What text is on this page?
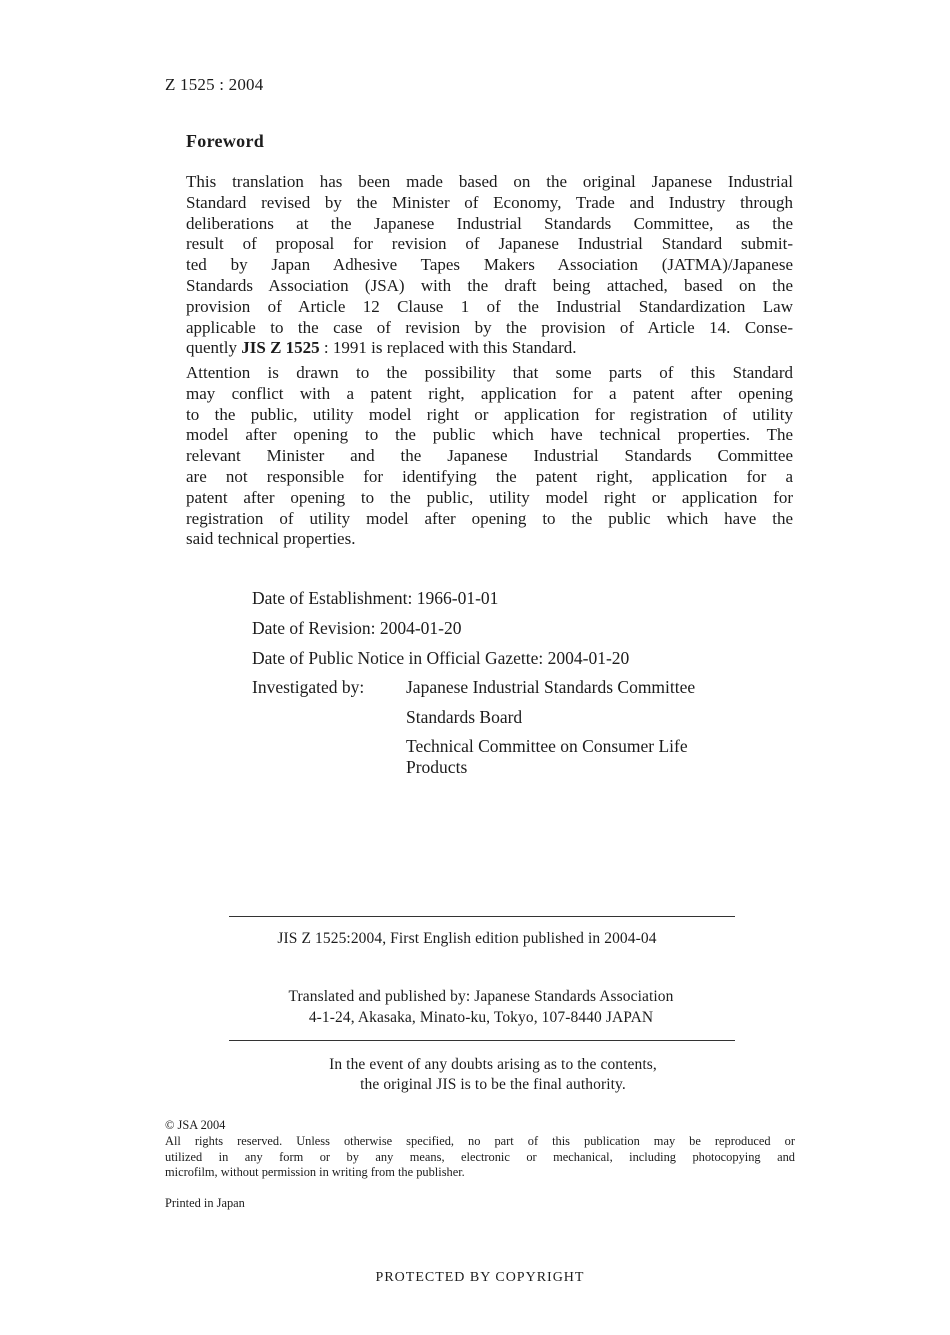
Z 1525 : 2004
Foreword
This translation has been made based on the original Japanese Industrial
Standard revised by the Minister of Economy, Trade and Industry through
deliberations at the Japanese Industrial Standards Committee, as the
result of proposal for revision of Japanese Industrial Standard submit-
ted by Japan Adhesive Tapes Makers Association (JATMA)/Japanese
Standards Association (JSA) with the draft being attached, based on the
provision of Article 12 Clause 1 of the Industrial Standardization Law
applicable to the case of revision by the provision of Article 14. Conse-
quently JIS Z 1525 : 1991 is replaced with this Standard.
Attention is drawn to the possibility that some parts of this Standard
may conflict with a patent right, application for a patent after opening
to the public, utility model right or application for registration of utility
model after opening to the public which have technical properties. The
relevant Minister and the Japanese Industrial Standards Committee
are not responsible for identifying the patent right, application for a
patent after opening to the public, utility model right or application for
registration of utility model after opening to the public which have the
said technical properties.
Date of Establishment: 1966-01-01
Date of Revision: 2004-01-20
Date of Public Notice in Official Gazette: 2004-01-20
Investigated by: Japanese Industrial Standards Committee
Standards Board
Technical Committee on Consumer Life
Products
JIS Z 1525:2004, First English edition published in 2004-04
Translated and published by: Japanese Standards Association
4-1-24, Akasaka, Minato-ku, Tokyo, 107-8440 JAPAN
In the event of any doubts arising as to the contents,
the original JIS is to be the final authority.
© JSA 2004
All rights reserved. Unless otherwise specified, no part of this publication may be reproduced or
utilized in any form or by any means, electronic or mechanical, including photocopying and
microfilm, without permission in writing from the publisher.
Printed in Japan
PROTECTED BY COPYRIGHT
